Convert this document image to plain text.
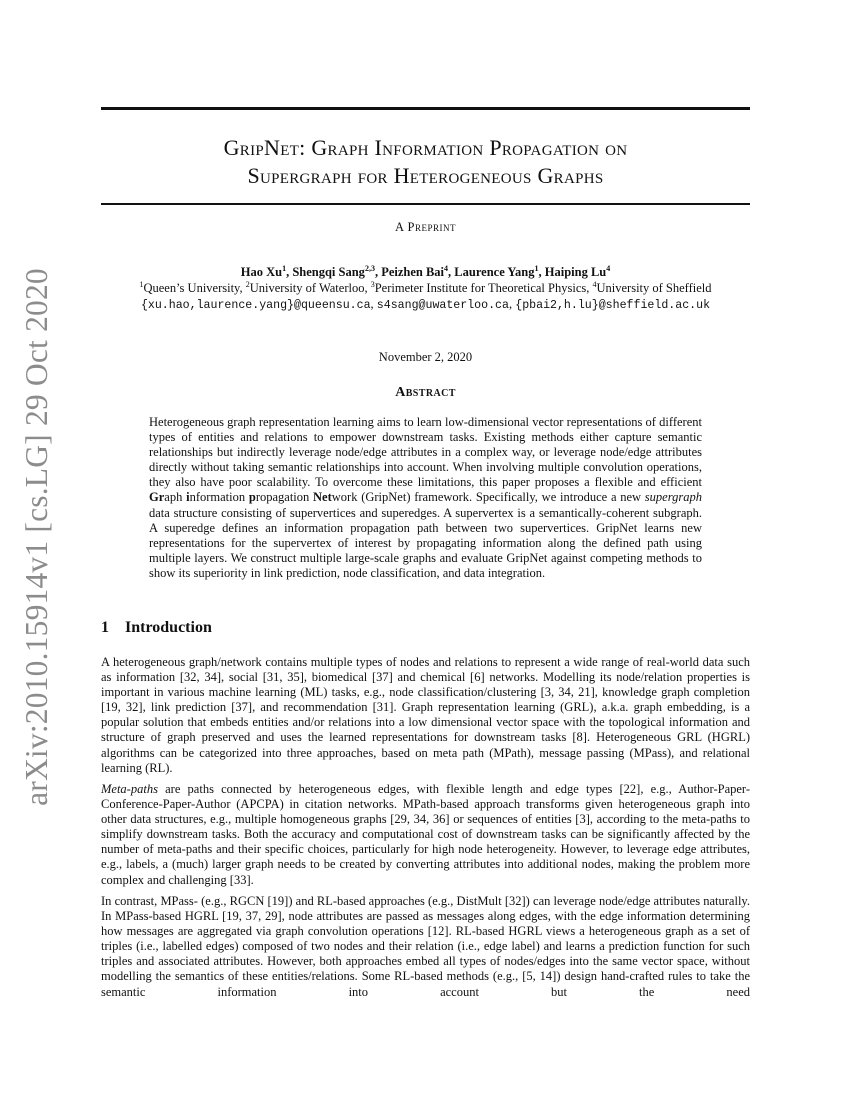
arXiv:2010.15914v1 [cs.LG] 29 Oct 2020
GripNet: Graph Information Propagation on
Supergraph for Heterogeneous Graphs
A Preprint
Hao Xu$^1$, Shengqi Sang$^{2,3}$, Peizhen Bai$^4$, Laurence Yang$^1$, Haiping Lu$^4$
$^1$Queen’s University, $^2$University of Waterloo, $^3$Perimeter Institute for Theoretical Physics, $^4$University of Sheffield
{xu.hao,laurence.yang}@queensu.ca, s4sang@uwaterloo.ca, {pbai2,h.lu}@sheffield.ac.uk
November 2, 2020
Abstract
Heterogeneous graph representation learning aims to learn low-dimensional vector representations of different types of entities and relations to empower downstream tasks. Existing methods either capture semantic relationships but indirectly leverage node/edge attributes in a complex way, or leverage node/edge attributes directly without taking semantic relationships into account. When involving multiple convolution operations, they also have poor scalability. To overcome these limitations, this paper proposes a flexible and efficient Graph information propagation Network (GripNet) framework. Specifically, we introduce a new supergraph data structure consisting of supervertices and superedges. A supervertex is a semantically-coherent subgraph. A superedge defines an information propagation path between two supervertices. GripNet learns new representations for the supervertex of interest by propagating information along the defined path using multiple layers. We construct multiple large-scale graphs and evaluate GripNet against competing methods to show its superiority in link prediction, node classification, and data integration.
1 Introduction

A heterogeneous graph/network contains multiple types of nodes and relations to represent a wide range of real-world data such as information [32, 34], social [31, 35], biomedical [37] and chemical [6] networks. Modelling its node/relation properties is important in various machine learning (ML) tasks, e.g., node classification/clustering [3, 34, 21], knowledge graph completion [19, 32], link prediction [37], and recommendation [31]. Graph representation learning (GRL), a.k.a. graph embedding, is a popular solution that embeds entities and/or relations into a low dimensional vector space with the topological information and structure of graph preserved and uses the learned representations for downstream tasks [8]. Heterogeneous GRL (HGRL) algorithms can be categorized into three approaches, based on meta path (MPath), message passing (MPass), and relational learning (RL).

Meta-paths are paths connected by heterogeneous edges, with flexible length and edge types [22], e.g., Author-Paper-Conference-Paper-Author (APCPA) in citation networks. MPath-based approach transforms given heterogeneous graph into other data structures, e.g., multiple homogeneous graphs [29, 34, 36] or sequences of entities [3], according to the meta-paths to simplify downstream tasks. Both the accuracy and computational cost of downstream tasks can be significantly affected by the number of meta-paths and their specific choices, particularly for high node heterogeneity. However, to leverage edge attributes, e.g., labels, a (much) larger graph needs to be created by converting attributes into additional nodes, making the problem more complex and challenging [33].

In contrast, MPass- (e.g., RGCN [19]) and RL-based approaches (e.g., DistMult [32]) can leverage node/edge attributes naturally. In MPass-based HGRL [19, 37, 29], node attributes are passed as messages along edges, with the edge information determining how messages are aggregated via graph convolution operations [12]. RL-based HGRL views a heterogeneous graph as a set of triples (i.e., labelled edges) composed of two nodes and their relation (i.e., edge label) and learns a prediction function for such triples and associated attributes. However, both approaches embed all types of nodes/edges into the same vector space, without modelling the semantics of these entities/relations. Some RL-based methods (e.g., [5, 14]) design hand-crafted rules to take the semantic information into account but the need
